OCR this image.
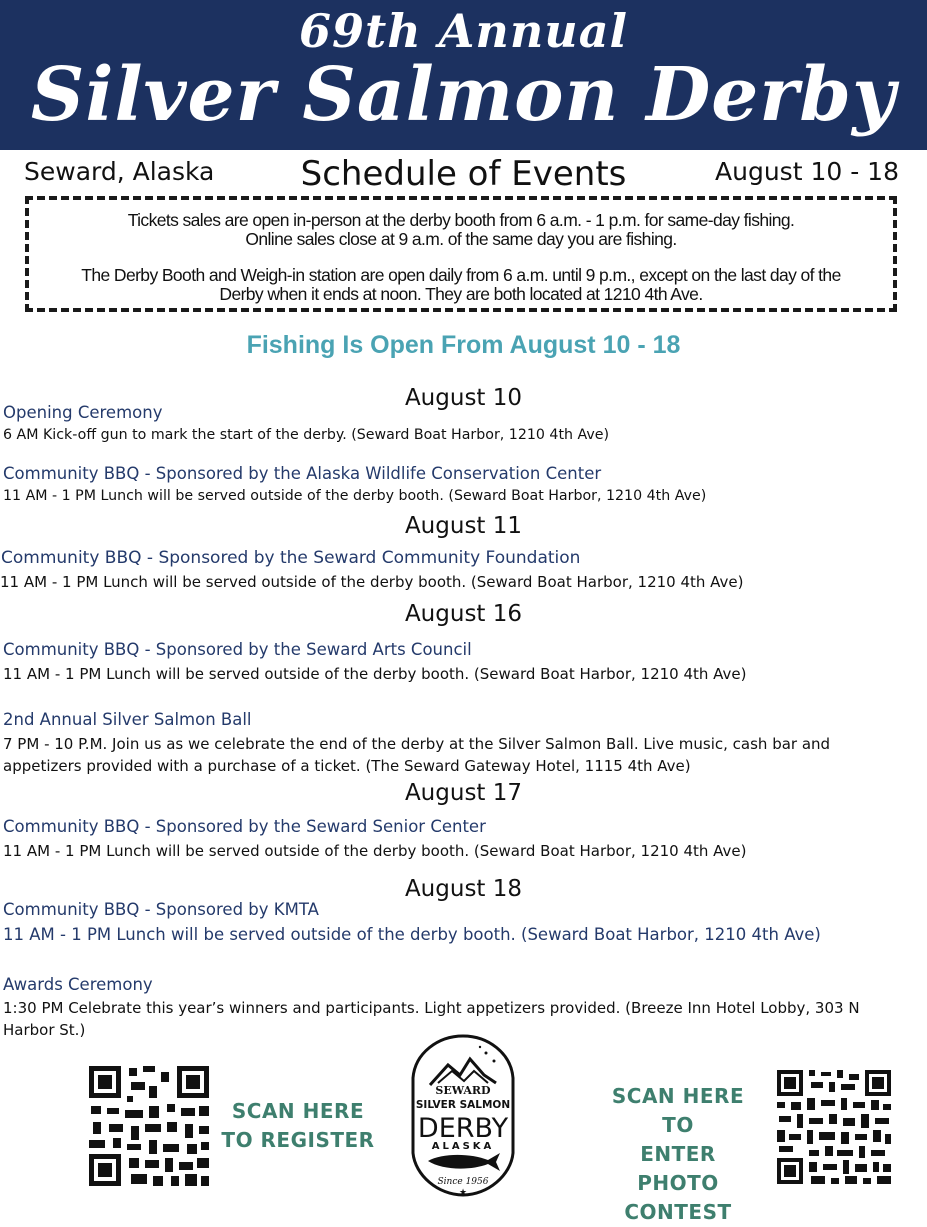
69th Annual
Silver Salmon Derby
Seward, Alaska	Schedule of Events	August 10 - 18
Tickets sales are open in-person at the derby booth from 6 a.m. - 1 p.m. for same-day fishing.
Online sales close at 9 a.m. of the same day you are fishing.
The Derby Booth and Weigh-in station are open daily from 6 a.m. until 9 p.m., except on the last day of the
Derby when it ends at noon. They are both located at 1210 4th Ave.
Fishing Is Open From August 10 - 18
August 10
Opening Ceremony
6 AM Kick-off gun to mark the start of the derby. (Seward Boat Harbor, 1210 4th Ave)
Community BBQ - Sponsored by the Alaska Wildlife Conservation Center
11 AM - 1 PM Lunch will be served outside of the derby booth. (Seward Boat Harbor, 1210 4th Ave)
August 11
Community BBQ - Sponsored by the Seward Community Foundation
11 AM - 1 PM Lunch will be served outside of the derby booth. (Seward Boat Harbor, 1210 4th Ave)
August 16
Community BBQ - Sponsored by the Seward Arts Council
11 AM - 1 PM Lunch will be served outside of the derby booth. (Seward Boat Harbor, 1210 4th Ave)
2nd Annual Silver Salmon Ball
7 PM - 10 P.M. Join us as we celebrate the end of the derby at the Silver Salmon Ball. Live music, cash bar and appetizers provided with a purchase of a ticket. (The Seward Gateway Hotel, 1115 4th Ave)
August 17
Community BBQ - Sponsored by the Seward Senior Center
11 AM - 1 PM Lunch will be served outside of the derby booth. (Seward Boat Harbor, 1210 4th Ave)
August 18
Community BBQ - Sponsored by KMTA
11 AM - 1 PM Lunch will be served outside of the derby booth. (Seward Boat Harbor, 1210 4th Ave)
Awards Ceremony
1:30 PM Celebrate this year’s winners and participants. Light appetizers provided. (Breeze Inn Hotel Lobby, 303 N Harbor St.)
SCAN HERE
TO REGISTER
SEWARD
SILVER SALMON
DERBY
ALASKA
Since 1956
★
SCAN HERE TO
ENTER PHOTO
CONTEST
